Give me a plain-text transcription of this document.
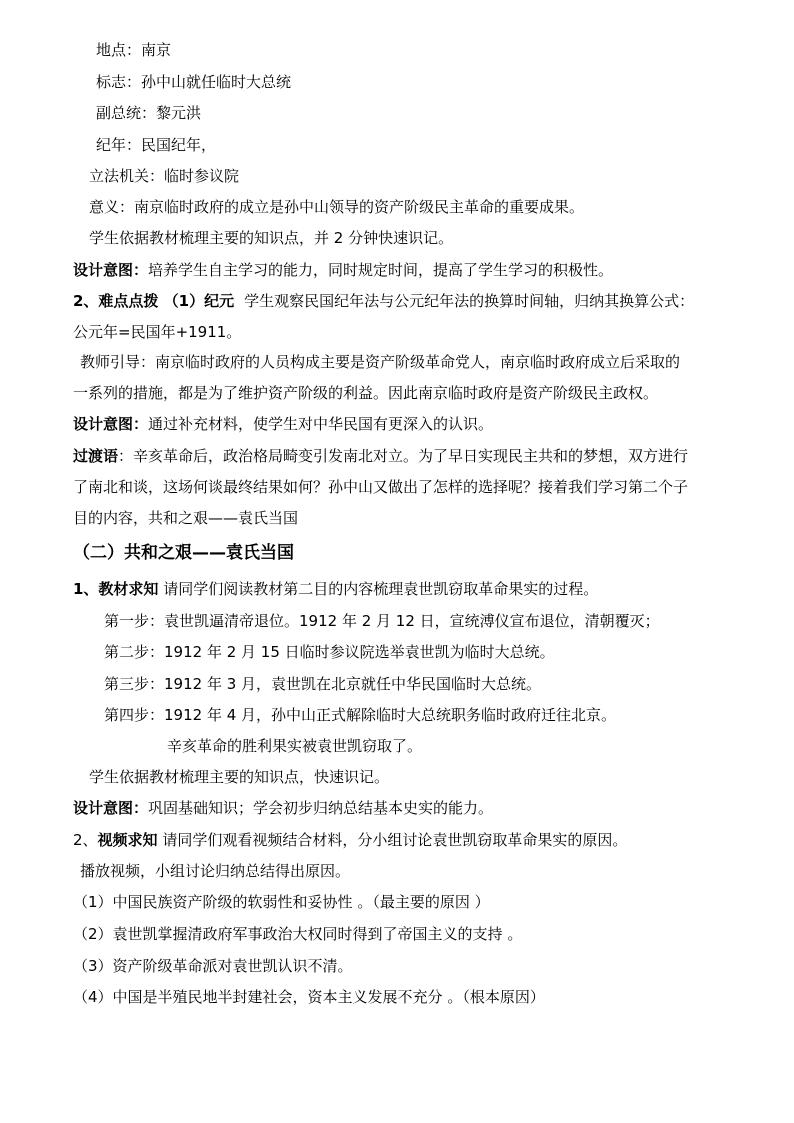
地点：南京
标志：孙中山就任临时大总统
副总统：黎元洪
纪年：民国纪年，
立法机关：临时参议院
意义：南京临时政府的成立是孙中山领导的资产阶级民主革命的重要成果。
学生依据教材梳理主要的知识点，并 2 分钟快速识记。
设计意图：培养学生自主学习的能力，同时规定时间，提高了学生学习的积极性。
2、难点点拨 （1）纪元 学生观察民国纪年法与公元纪年法的换算时间轴，归纳其换算公式：
公元年=民国年+1911。
教师引导：南京临时政府的人员构成主要是资产阶级革命党人，南京临时政府成立后采取的
一系列的措施，都是为了维护资产阶级的利益。因此南京临时政府是资产阶级民主政权。
设计意图：通过补充材料，使学生对中华民国有更深入的认识。
过渡语：辛亥革命后，政治格局畸变引发南北对立。为了早日实现民主共和的梦想，双方进行
了南北和谈，这场何谈最终结果如何？孙中山又做出了怎样的选择呢？接着我们学习第二个子
目的内容，共和之艰——袁氏当国
（二）共和之艰——袁氏当国
1、教材求知 请同学们阅读教材第二目的内容梳理袁世凯窃取革命果实的过程。
第一步：袁世凯逼清帝退位。1912 年 2 月 12 日，宣统溥仪宣布退位，清朝覆灭；
第二步：1912 年 2 月 15 日临时参议院选举袁世凯为临时大总统。
第三步：1912 年 3 月，袁世凯在北京就任中华民国临时大总统。
第四步：1912 年 4 月，孙中山正式解除临时大总统职务临时政府迁往北京。
辛亥革命的胜利果实被袁世凯窃取了。
学生依据教材梳理主要的知识点，快速识记。
设计意图：巩固基础知识；学会初步归纳总结基本史实的能力。
2、视频求知 请同学们观看视频结合材料，分小组讨论袁世凯窃取革命果实的原因。
播放视频，小组讨论归纳总结得出原因。
（1）中国民族资产阶级的软弱性和妥协性 。（最主要的原因 ）
（2）袁世凯掌握清政府军事政治大权同时得到了帝国主义的支持 。
（3）资产阶级革命派对袁世凯认识不清。
（4）中国是半殖民地半封建社会，资本主义发展不充分 。（根本原因）
